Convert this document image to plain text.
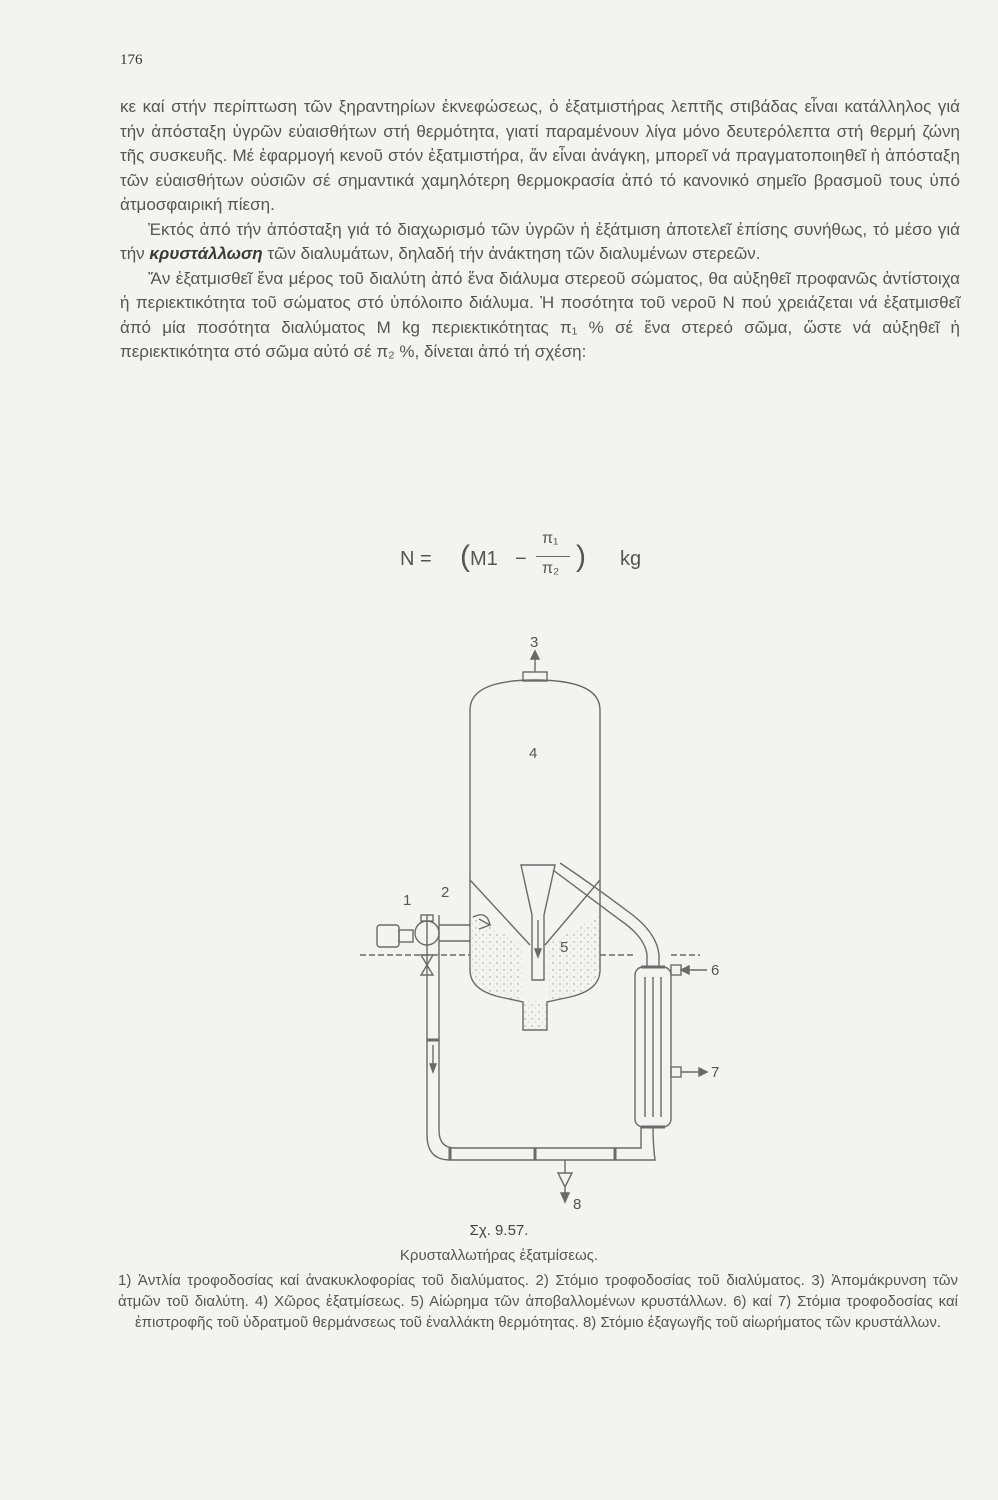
176

κε καί στήν περίπτωση τῶν ξηραντηρίων ἐκνεφώσεως, ὁ ἐξατμιστήρας λεπτῆς στιβάδας εἶναι κατάλληλος γιά τήν ἀπόσταξη ὑγρῶν εὐαισθήτων στή θερμότητα, γιατί παραμένουν λίγα μόνο δευτερόλεπτα στή θερμή ζώνη τῆς συσκευῆς. Μέ ἐφαρμογή κενοῦ στόν ἐξατμιστήρα, ἄν εἶναι ἀνάγκη, μπορεῖ νά πραγματοποιηθεῖ ἡ ἀπόσταξη τῶν εὐαισθήτων οὐσιῶν σέ σημαντικά χαμηλότερη θερμοκρασία ἀπό τό κανονικό σημεῖο βρασμοῦ τους ὑπό ἀτμοσφαιρική πίεση.

Ἐκτός ἀπό τήν ἀπόσταξη γιά τό διαχωρισμό τῶν ὑγρῶν ἡ ἐξάτμιση ἀποτελεῖ ἐπίσης συνήθως, τό μέσο γιά τήν κρυστάλλωση τῶν διαλυμάτων, δηλαδή τήν ἀνάκτηση τῶν διαλυμένων στερεῶν.

Ἄν ἐξατμισθεῖ ἕνα μέρος τοῦ διαλύτη ἀπό ἕνα διάλυμα στερεοῦ σώματος, θα αὐξηθεῖ προφανῶς ἀντίστοιχα ἡ περιεκτικότητα τοῦ σώματος στό ὑπόλοιπο διάλυμα. Ἡ ποσότητα τοῦ νεροῦ N πού χρειάζεται νά ἐξατμισθεῖ ἀπό μία ποσότητα διαλύματος M kg περιεκτικότητας π₁ % σέ ἕνα στερεό σῶμα, ὥστε νά αὐξηθεῖ ἡ περιεκτικότητα στό σῶμα αὐτό σέ π₂ %, δίνεται ἀπό τή σχέση:

N = ( M1 −
π₁
π₂ ) kg
1 2
3
4
5
6
7
8
Σχ. 9.57.
Κρυσταλλωτήρας ἐξατμίσεως.
1) Ἀντλία τροφοδοσίας καί ἀνακυκλοφορίας τοῦ διαλύματος. 2) Στόμιο τροφοδοσίας τοῦ διαλύματος. 3) Ἀπομάκρυνση τῶν ἀτμῶν τοῦ διαλύτη. 4) Χῶρος ἐξατμίσεως. 5) Αἰώρημα τῶν ἀποβαλλομένων κρυστάλλων. 6) καί 7) Στόμια τροφοδοσίας καί ἐπιστροφῆς τοῦ ὑδρατμοῦ θερμάνσεως τοῦ ἐναλλάκτη θερμότητας. 8) Στόμιο ἐξαγωγῆς τοῦ αἰωρήματος τῶν κρυστάλλων.
